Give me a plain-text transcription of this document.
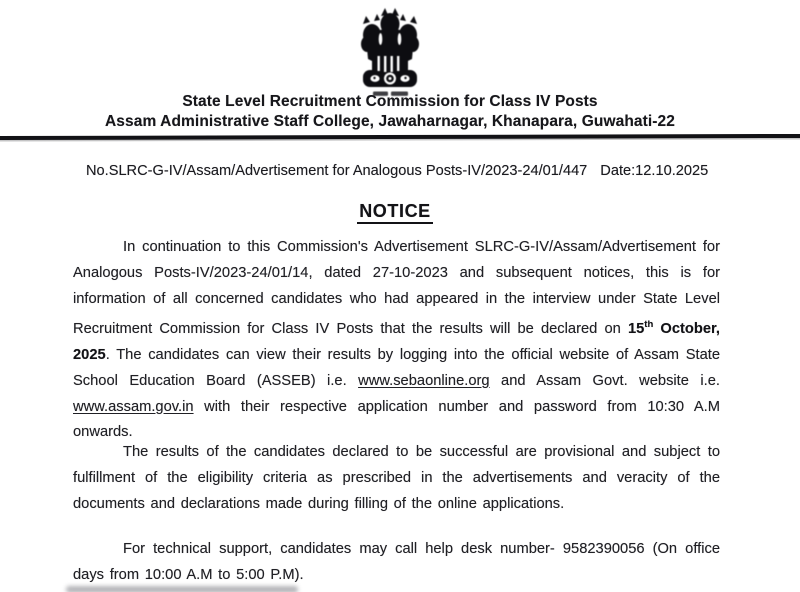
State Level Recruitment Commission for Class IV Posts
Assam Administrative Staff College, Jawaharnagar, Khanapara, Guwahati-22
No.SLRC-G-IV/Assam/Advertisement for Analogous Posts-IV/2023-24/01/447 Date:12.10.2025
NOTICE
In continuation to this Commission's Advertisement SLRC-G-IV/Assam/Advertisement for Analogous Posts-IV/2023-24/01/14, dated 27-10-2023 and subsequent notices, this is for information of all concerned candidates who had appeared in the interview under State Level Recruitment Commission for Class IV Posts that the results will be declared on 15th October, 2025. The candidates can view their results by logging into the official website of Assam State School Education Board (ASSEB) i.e. www.sebaonline.org and Assam Govt. website i.e. www.assam.gov.in with their respective application number and password from 10:30 A.M onwards.
The results of the candidates declared to be successful are provisional and subject to fulfillment of the eligibility criteria as prescribed in the advertisements and veracity of the documents and declarations made during filling of the online applications.
For technical support, candidates may call help desk number- 9582390056 (On office days from 10:00 A.M to 5:00 P.M).
